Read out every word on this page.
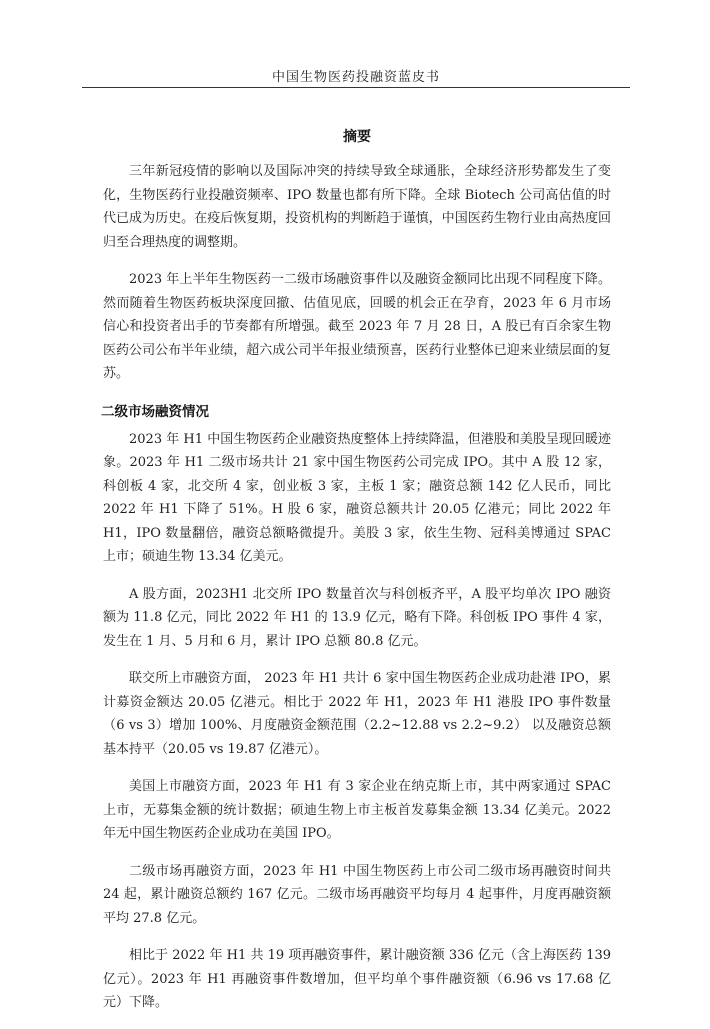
中国生物医药投融资蓝皮书
摘要

三年新冠疫情的影响以及国际冲突的持续导致全球通胀，全球经济形势都发生了变化，生物医药行业投融资频率、IPO 数量也都有所下降。全球 Biotech 公司高估值的时代已成为历史。在疫后恢复期，投资机构的判断趋于谨慎，中国医药生物行业由高热度回归至合理热度的调整期。

2023 年上半年生物医药一二级市场融资事件以及融资金额同比出现不同程度下降。然而随着生物医药板块深度回撤、估值见底，回暖的机会正在孕育，2023 年 6 月市场信心和投资者出手的节奏都有所增强。截至 2023 年 7 月 28 日，A 股已有百余家生物医药公司公布半年业绩，超六成公司半年报业绩预喜，医药行业整体已迎来业绩层面的复苏。

二级市场融资情况

2023 年 H1 中国生物医药企业融资热度整体上持续降温，但港股和美股呈现回暖迹象。2023 年 H1 二级市场共计 21 家中国生物医药公司完成 IPO。其中 A 股 12 家，科创板 4 家，北交所 4 家，创业板 3 家，主板 1 家；融资总额 142 亿人民币，同比 2022 年 H1 下降了 51%。H 股 6 家，融资总额共计 20.05 亿港元；同比 2022 年 H1，IPO 数量翻倍，融资总额略微提升。美股 3 家，依生生物、冠科美博通过 SPAC 上市；硕迪生物 13.34 亿美元。

A 股方面，2023H1 北交所 IPO 数量首次与科创板齐平，A 股平均单次 IPO 融资额为 11.8 亿元，同比 2022 年 H1 的 13.9 亿元，略有下降。科创板 IPO 事件 4 家，发生在 1 月、5 月和 6 月，累计 IPO 总额 80.8 亿元。

联交所上市融资方面， 2023 年 H1 共计 6 家中国生物医药企业成功赴港 IPO，累计募资金额达 20.05 亿港元。相比于 2022 年 H1，2023 年 H1 港股 IPO 事件数量（6 vs 3）增加 100%、月度融资金额范围（2.2~12.88 vs 2.2~9.2） 以及融资总额基本持平（20.05 vs 19.87 亿港元）。

美国上市融资方面，2023 年 H1 有 3 家企业在纳克斯上市，其中两家通过 SPAC 上市，无募集金额的统计数据；硕迪生物上市主板首发募集金额 13.34 亿美元。2022 年无中国生物医药企业成功在美国 IPO。

二级市场再融资方面，2023 年 H1 中国生物医药上市公司二级市场再融资时间共 24 起，累计融资总额约 167 亿元。二级市场再融资平均每月 4 起事件，月度再融资额平均 27.8 亿元。

相比于 2022 年 H1 共 19 项再融资事件，累计融资额 336 亿元（含上海医药 139 亿元）。2023 年 H1 再融资事件数增加，但平均单个事件融资额（6.96 vs 17.68 亿元）下降。
